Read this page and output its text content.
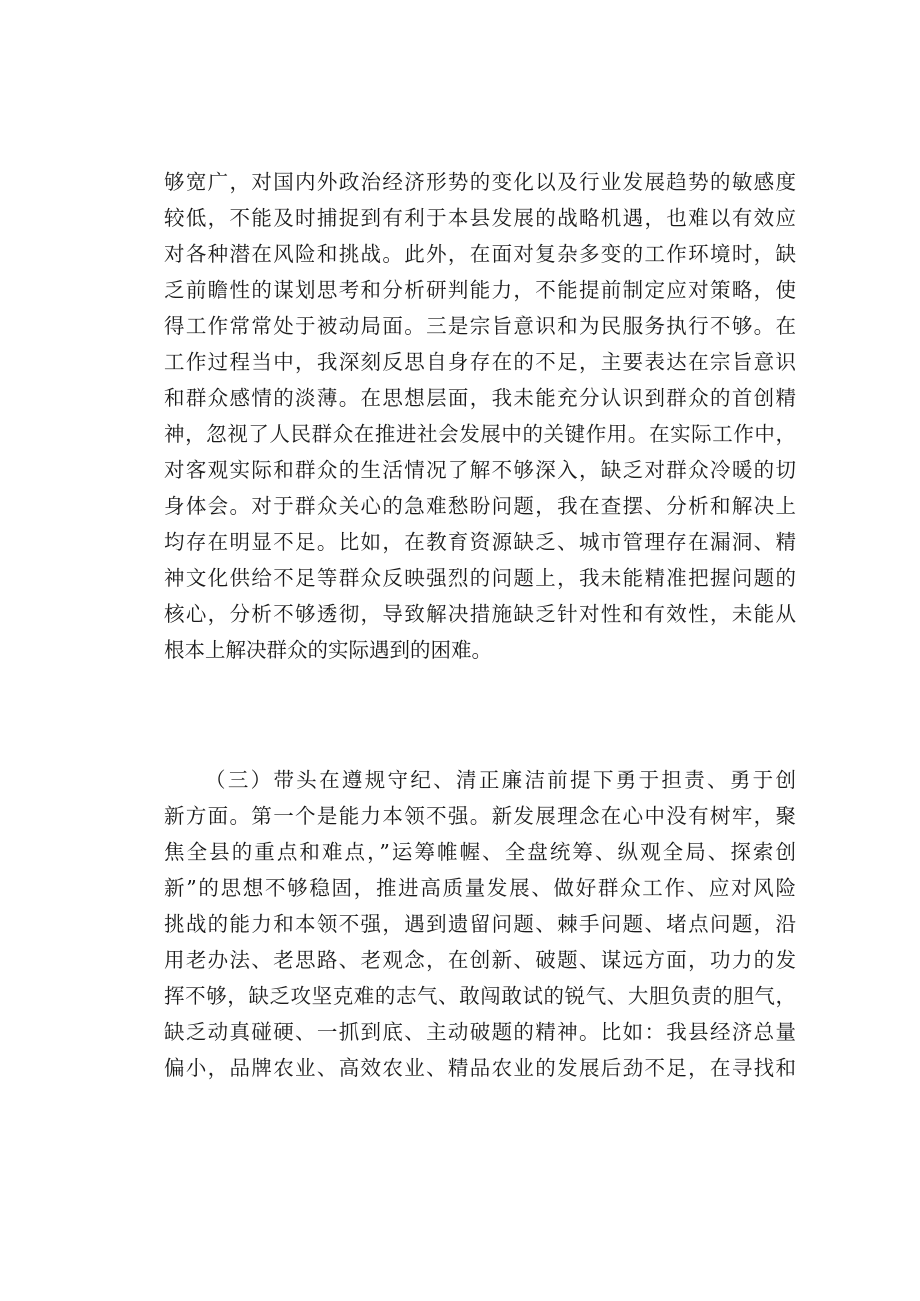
够宽广，对国内外政治经济形势的变化以及行业发展趋势的敏感度
较低，不能及时捕捉到有利于本县发展的战略机遇，也难以有效应
对各种潜在风险和挑战。此外，在面对复杂多变的工作环境时，缺
乏前瞻性的谋划思考和分析研判能力，不能提前制定应对策略，使
得工作常常处于被动局面。三是宗旨意识和为民服务执行不够。在
工作过程当中，我深刻反思自身存在的不足，主要表达在宗旨意识
和群众感情的淡薄。在思想层面，我未能充分认识到群众的首创精
神，忽视了人民群众在推进社会发展中的关键作用。在实际工作中，
对客观实际和群众的生活情况了解不够深入，缺乏对群众冷暖的切
身体会。对于群众关心的急难愁盼问题，我在查摆、分析和解决上
均存在明显不足。比如，在教育资源缺乏、城市管理存在漏洞、精
神文化供给不足等群众反映强烈的问题上，我未能精准把握问题的
核心，分析不够透彻，导致解决措施缺乏针对性和有效性，未能从
根本上解决群众的实际遇到的困难。
（三）带头在遵规守纪、清正廉洁前提下勇于担责、勇于创
新方面。第一个是能力本领不强。新发展理念在心中没有树牢，聚
焦全县的重点和难点，”运筹帷幄、全盘统筹、纵观全局、探索创
新”的思想不够稳固，推进高质量发展、做好群众工作、应对风险
挑战的能力和本领不强，遇到遗留问题、棘手问题、堵点问题，沿
用老办法、老思路、老观念，在创新、破题、谋远方面，功力的发
挥不够，缺乏攻坚克难的志气、敢闯敢试的锐气、大胆负责的胆气，
缺乏动真碰硬、一抓到底、主动破题的精神。比如：我县经济总量
偏小，品牌农业、高效农业、精品农业的发展后劲不足，在寻找和
